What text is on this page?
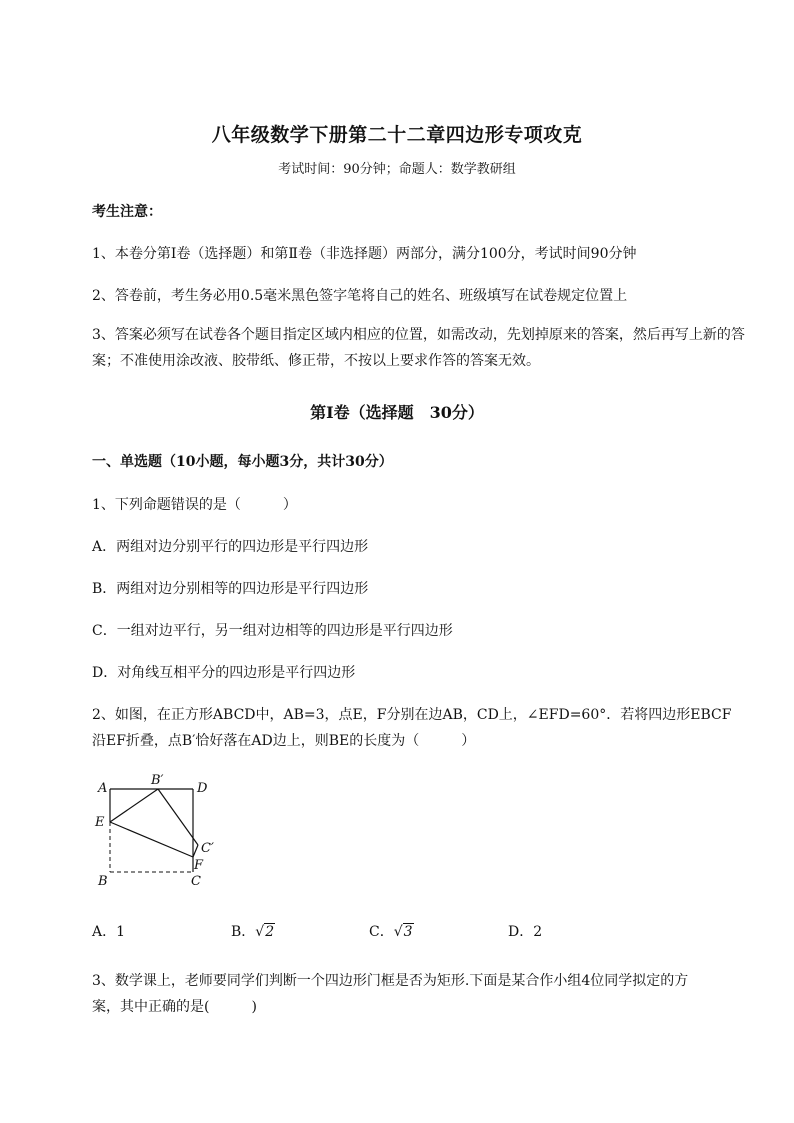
八年级数学下册第二十二章四边形专项攻克
考试时间：90分钟；命题人：数学教研组
考生注意：
1、本卷分第I卷（选择题）和第Ⅱ卷（非选择题）两部分，满分100分，考试时间90分钟
2、答卷前，考生务必用0.5毫米黑色签字笔将自己的姓名、班级填写在试卷规定位置上
3、答案必须写在试卷各个题目指定区域内相应的位置，如需改动，先划掉原来的答案，然后再写上新的答案；不准使用涂改液、胶带纸、修正带，不按以上要求作答的答案无效。
第I卷（选择题　30分）
一、单选题（10小题，每小题3分，共计30分）
1、下列命题错误的是（　　　）
A．两组对边分别平行的四边形是平行四边形
B．两组对边分别相等的四边形是平行四边形
C．一组对边平行，另一组对边相等的四边形是平行四边形
D．对角线互相平分的四边形是平行四边形
2、如图，在正方形ABCD中，AB=3，点E，F分别在边AB，CD上，∠EFD=60°．若将四边形EBCF
沿EF折叠，点B′恰好落在AD边上，则BE的长度为（　　　）
A
B′
D
E
C′
F
B	C
A．1	B．√2	C．√3	D．2
3、数学课上，老师要同学们判断一个四边形门框是否为矩形.下面是某合作小组4位同学拟定的方
案，其中正确的是(　　　)
